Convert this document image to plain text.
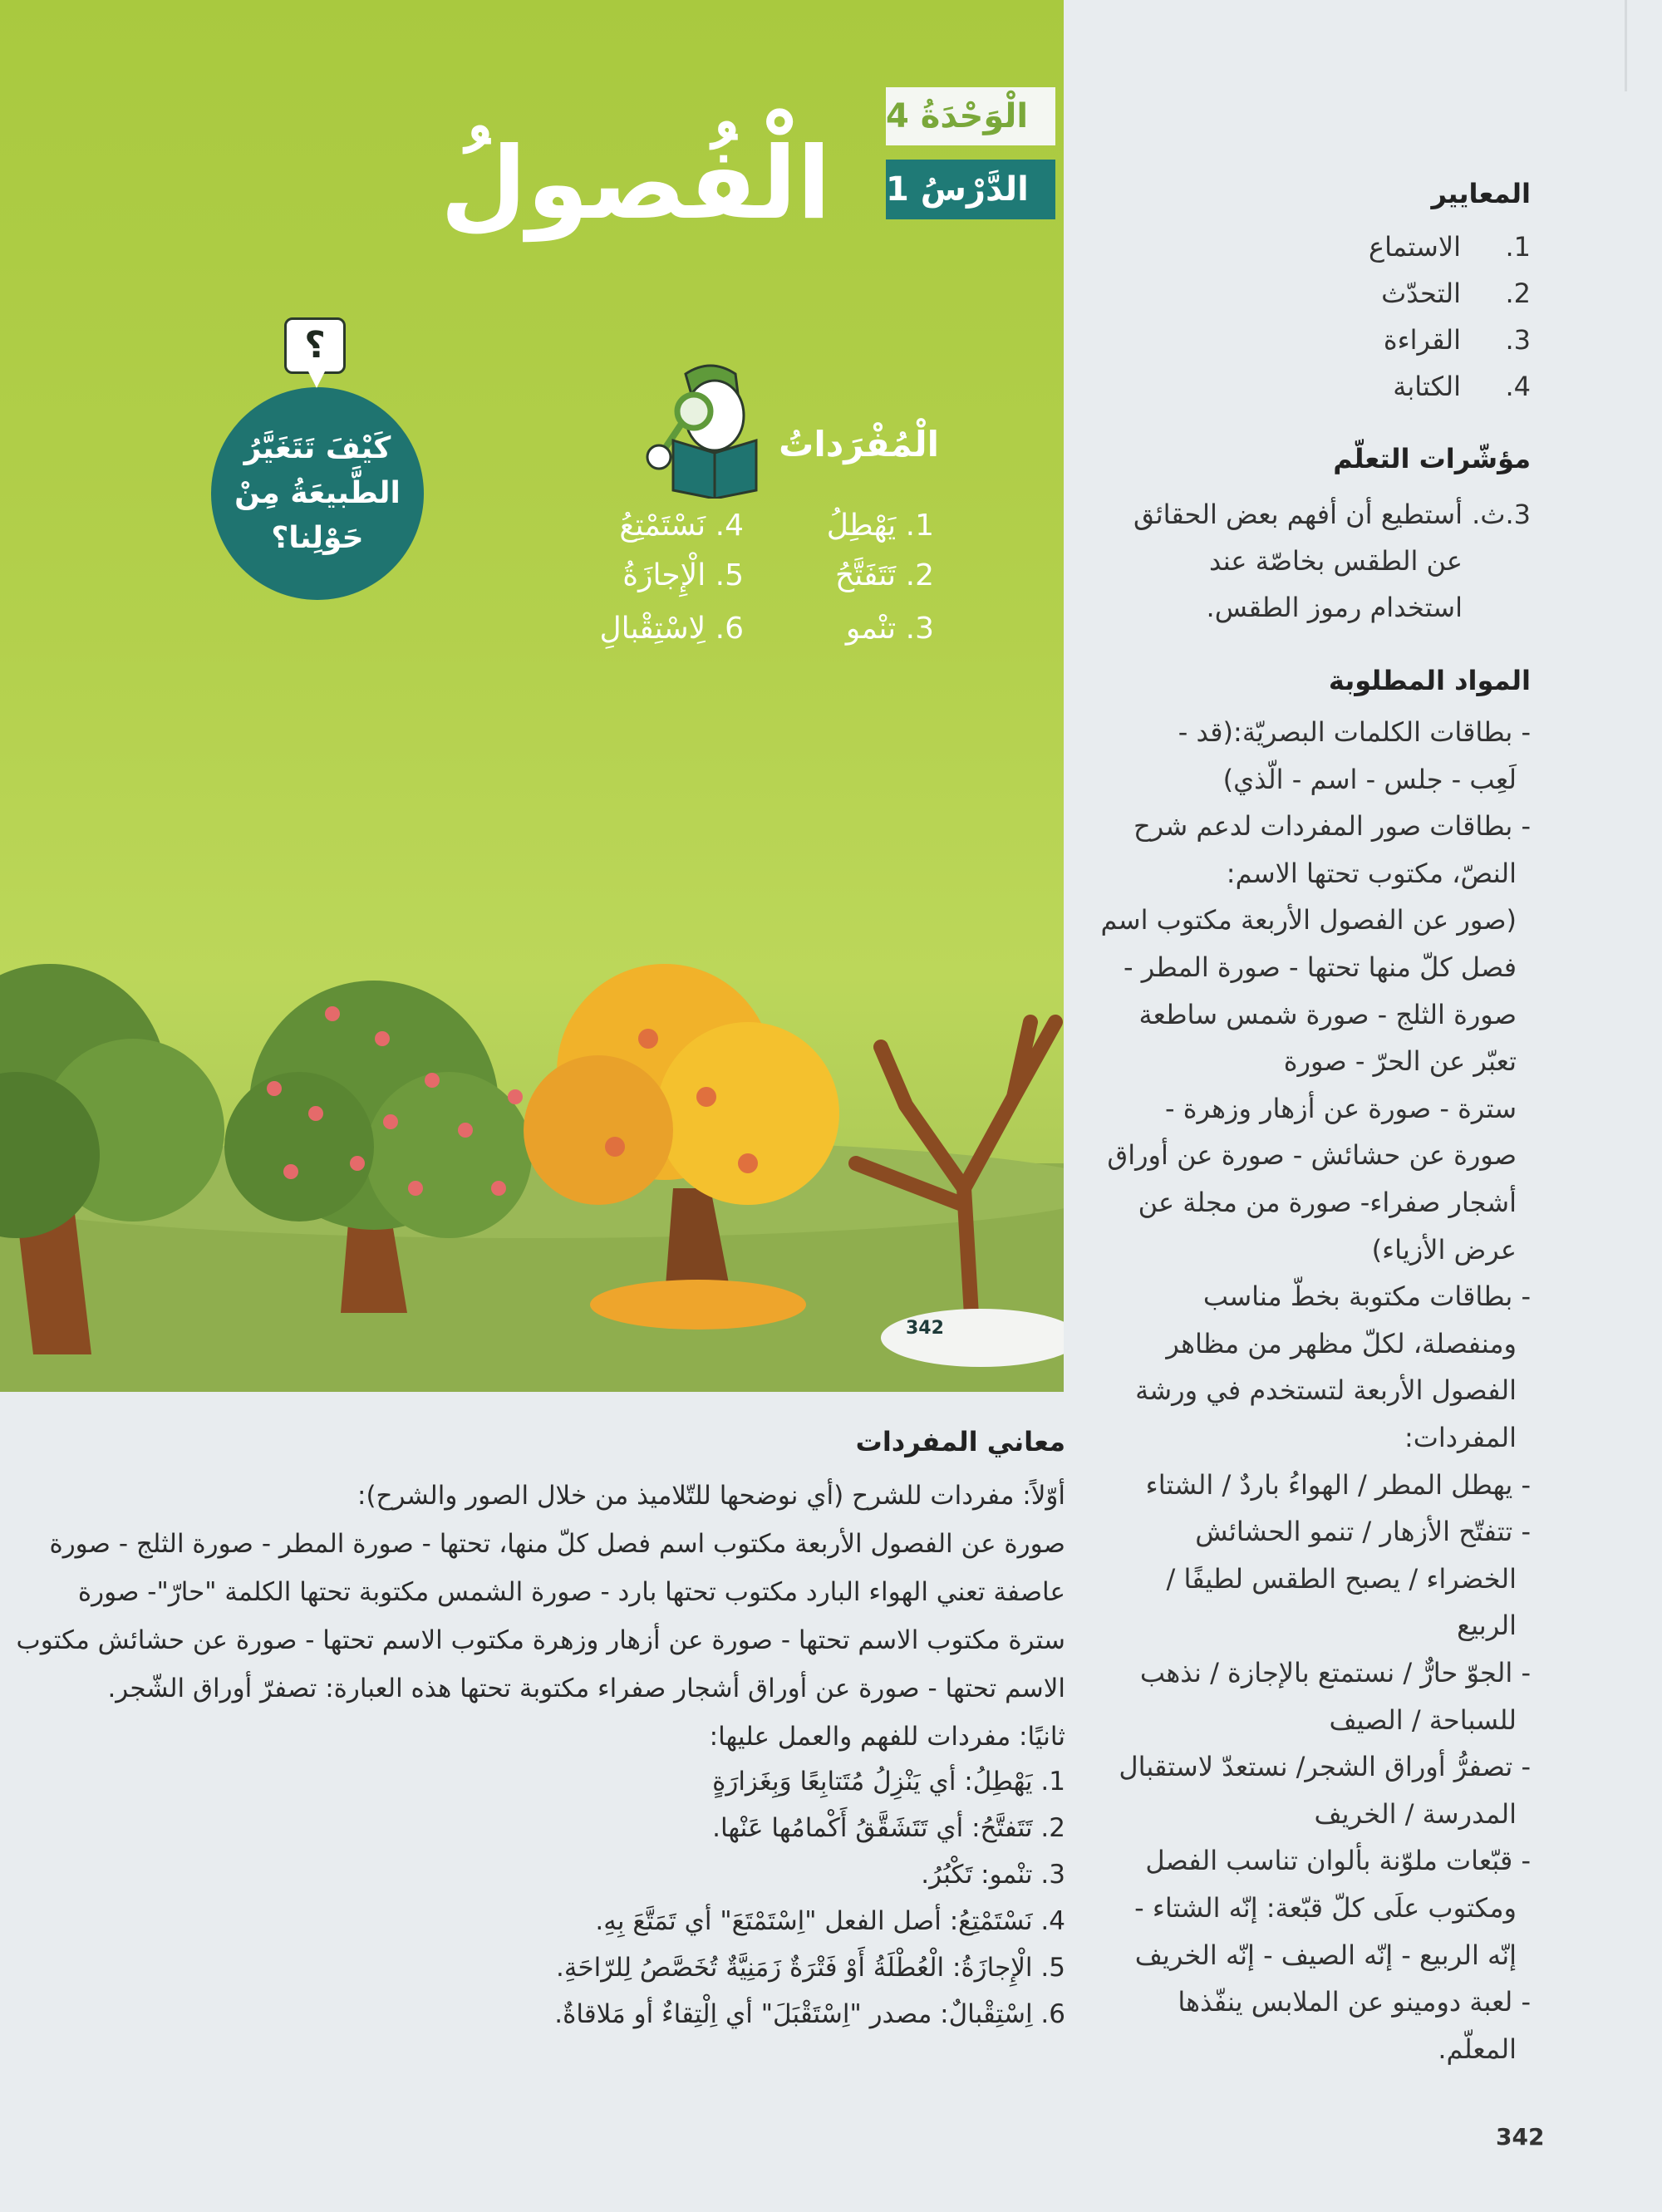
342
الْوَحْدَةُ 4
الدَّرْسُ 1
الْفُصولُ
كَيْفَ تَتَغَيَّرُ
الطَّبيعَةُ مِنْ
حَوْلِنا؟
؟
الْمُفْرَداتُ
1. يَهْطِلُ
2. تَتَفَتَّحُ
3. تنْمو
4. نَسْتَمْتِعُ
5. الْإِجازَةُ
6. لِاسْتِقْبالِ
المعايير
1.
الاستماع
2.
التحدّث
3.
القراءة
4.
الكتابة
مؤشّرات التعلّم
3.ث.
أستطيع أن أفهم بعض الحقائق
عن الطقس بخاصّة عند
استخدام رموز الطقس.
المواد المطلوبة
- بطاقات الكلمات البصريّة:(قد -
لَعِب - جلس - اسم - الّذي)
- بطاقات صور المفردات لدعم شرح
النصّ، مكتوب تحتها الاسم:
(صور عن الفصول الأربعة مكتوب اسم
فصل كلّ منها تحتها - صورة المطر -
صورة الثلج - صورة شمس ساطعة
تعبّر عن الحرّ - صورة
سترة - صورة عن أزهار وزهرة -
صورة عن حشائش - صورة عن أوراق
أشجار صفراء- صورة من مجلة عن
عرض الأزياء)
- بطاقات مكتوبة بخطّ مناسب
ومنفصلة، لكلّ مظهر من مظاهر
الفصول الأربعة لتستخدم في ورشة
المفردات:
- يهطل المطر / الهواءُ باردٌ / الشتاء
- تتفتّح الأزهار / تنمو الحشائش
الخضراء / يصبح الطقس لطيفًا /
الربيع
- الجوّ حارٌّ / نستمتع بالإجازة / نذهب
للسباحة / الصيف
- تصفرُّ أوراق الشجر/ نستعدّ لاستقبال
المدرسة / الخريف
- قبّعات ملوّنة بألوان تناسب الفصل
ومكتوب علَى كلّ قبّعة: إنّه الشتاء -
إنّه الربيع - إنّه الصيف - إنّه الخريف
- لعبة دومينو عن الملابس ينفّذها
المعلّم.
معاني المفردات
أوّلاً: مفردات للشرح (أي نوضحها للتّلاميذ من خلال الصور والشرح):
صورة عن الفصول الأربعة مكتوب اسم فصل كلّ منها، تحتها - صورة المطر - صورة الثلج - صورة
عاصفة تعني الهواء البارد مكتوب تحتها بارد - صورة الشمس مكتوبة تحتها الكلمة "حارّ"- صورة
سترة مكتوب الاسم تحتها - صورة عن أزهار وزهرة مكتوب الاسم تحتها - صورة عن حشائش مكتوب
الاسم تحتها - صورة عن أوراق أشجار صفراء مكتوبة تحتها هذه العبارة: تصفرّ أوراق الشّجر.
ثانيًا: مفردات للفهم والعمل عليها:
1. يَهْطِلُ: أي يَنْزِلُ مُتَتابِعًا وَبِغَزارَةٍ
2. تَتَفتَّحُ: أي تَتَشَقَّقُ أَكْمامُها عَنْها.
3. تنْمو: تَكْبُرُ.
4. نَسْتَمْتِعُ: أصل الفعل "اِسْتَمْتَعَ" أي تَمَتَّعَ بِهِ.
5. الْإِجازَةُ: الْعُطْلَةُ أَوْ فَتْرَةٌ زَمَنِيَّةٌ تُخَصَّصُ لِلرّاحَةِ.
6. اِسْتِقْبالٌ: مصدر "اِسْتَقْبَلَ" أي اِلْتِقاءٌ أو مَلاقاةٌ.
342
